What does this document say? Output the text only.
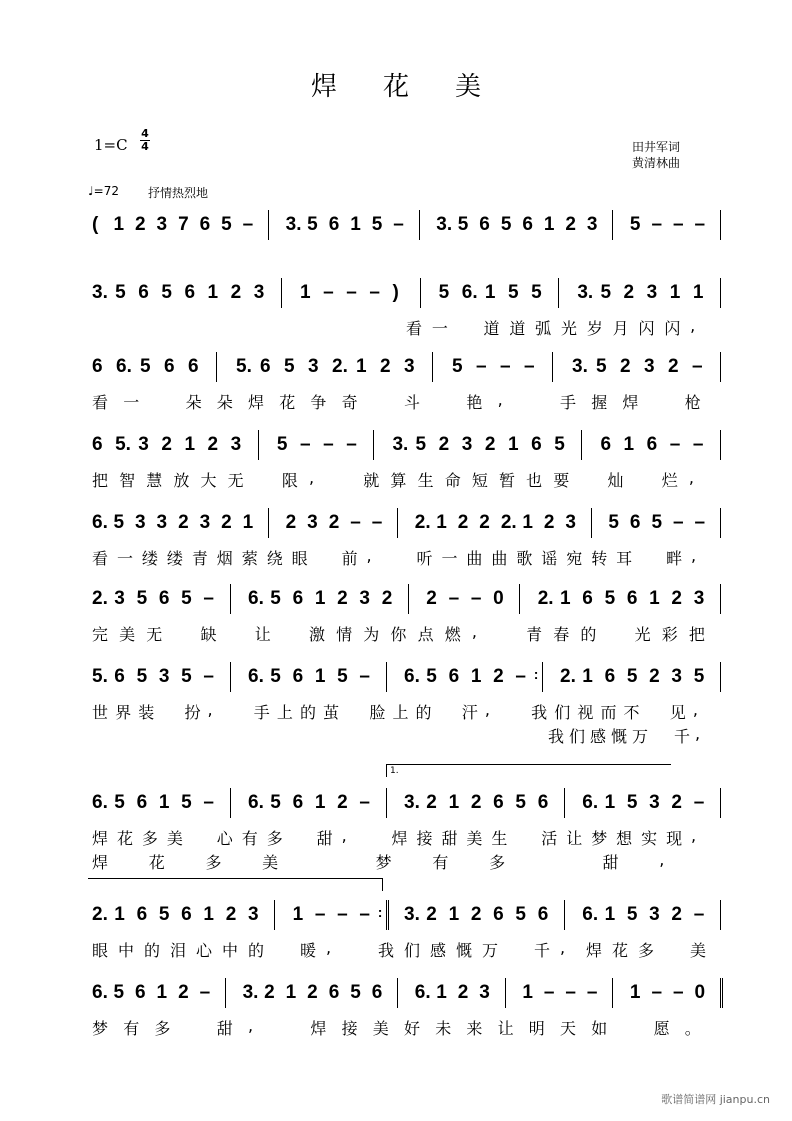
焊花美
1=C
4
4	田井军词
黄清林曲
♩=72 抒情热烈地
( 1 2 3 7 6 5 – 3. 5 6 1 5 – 3. 5 6 5 6 1 2 3 5 – – –
3. 5 6 5 6 1 2 3 1 – – – ) 5 6. 1 5 5 3. 5 2 3 1 1
看 一 道 道 弧 光 岁 月 闪 闪 ,
6 6. 5 6 6 5. 6 5 3 2. 1 2 3 5 – – – 3. 5 2 3 2 –
看 一	朵 朵 焊 花 争 奇	斗	艳 ,	手 握 焊	枪
6 5. 3 2 1 2 3 5 – – – 3. 5 2 3 2 1 6 5 6 1 6 – –
把 智 慧 放 大 无 限 ,	就 算 生 命 短 暂 也 要 灿 烂 ,
6. 5 3 3 2 3 2 1 2 3 2 – – 2. 1 2 2 2. 1 2 3 5 6 5 – –
看 一 缕 缕 青 烟 萦 绕 眼 前 ,	听 一 曲 曲 歌 谣 宛 转 耳 畔 ,
2. 3 5 6 5 – 6. 5 6 1 2 3 2 2 – – 0 2. 1 6 5 6 1 2 3
完 美 无 缺 让 激 情 为 你 点 燃 ,	青 春 的 光 彩 把
5. 6 5 3 5 – 6. 5 6 1 5 – 6. 5 6 1 2 – : 2. 1 6 5 2 3 5
世 界 装 扮 ,	手 上 的 茧 脸 上 的 汗 ,	我 们 视 而 不 见 ,
我 们 感 慨 万 千 ,
6. 5 6 1 5 – 6. 5 6 1 2 – 3. 2 1 2 6 5 6 6. 1 5 3 2 –
焊 花 多 美 心 有 多 甜 ,	焊 接 甜 美 生 活 让 梦 想 实 现 ,
焊	花	多	美	梦	有	多	甜	,
2. 1 6 5 6 1 2 3 1 – – – : 3. 2 1 2 6 5 6 6. 1 5 3 2 –
眼 中 的 泪 心 中 的 暖 ,	我 们 感 慨 万 千 , 焊 花 多 美
6. 5 6 1 2 – 3. 2 1 2 6 5 6 6. 1 2 3 1 – – – 1 – – 0
梦 有 多	甜 ,	焊 接 美 好 未 来 让 明 天 如	愿 。
1.
歌谱简谱网 jianpu.cn
